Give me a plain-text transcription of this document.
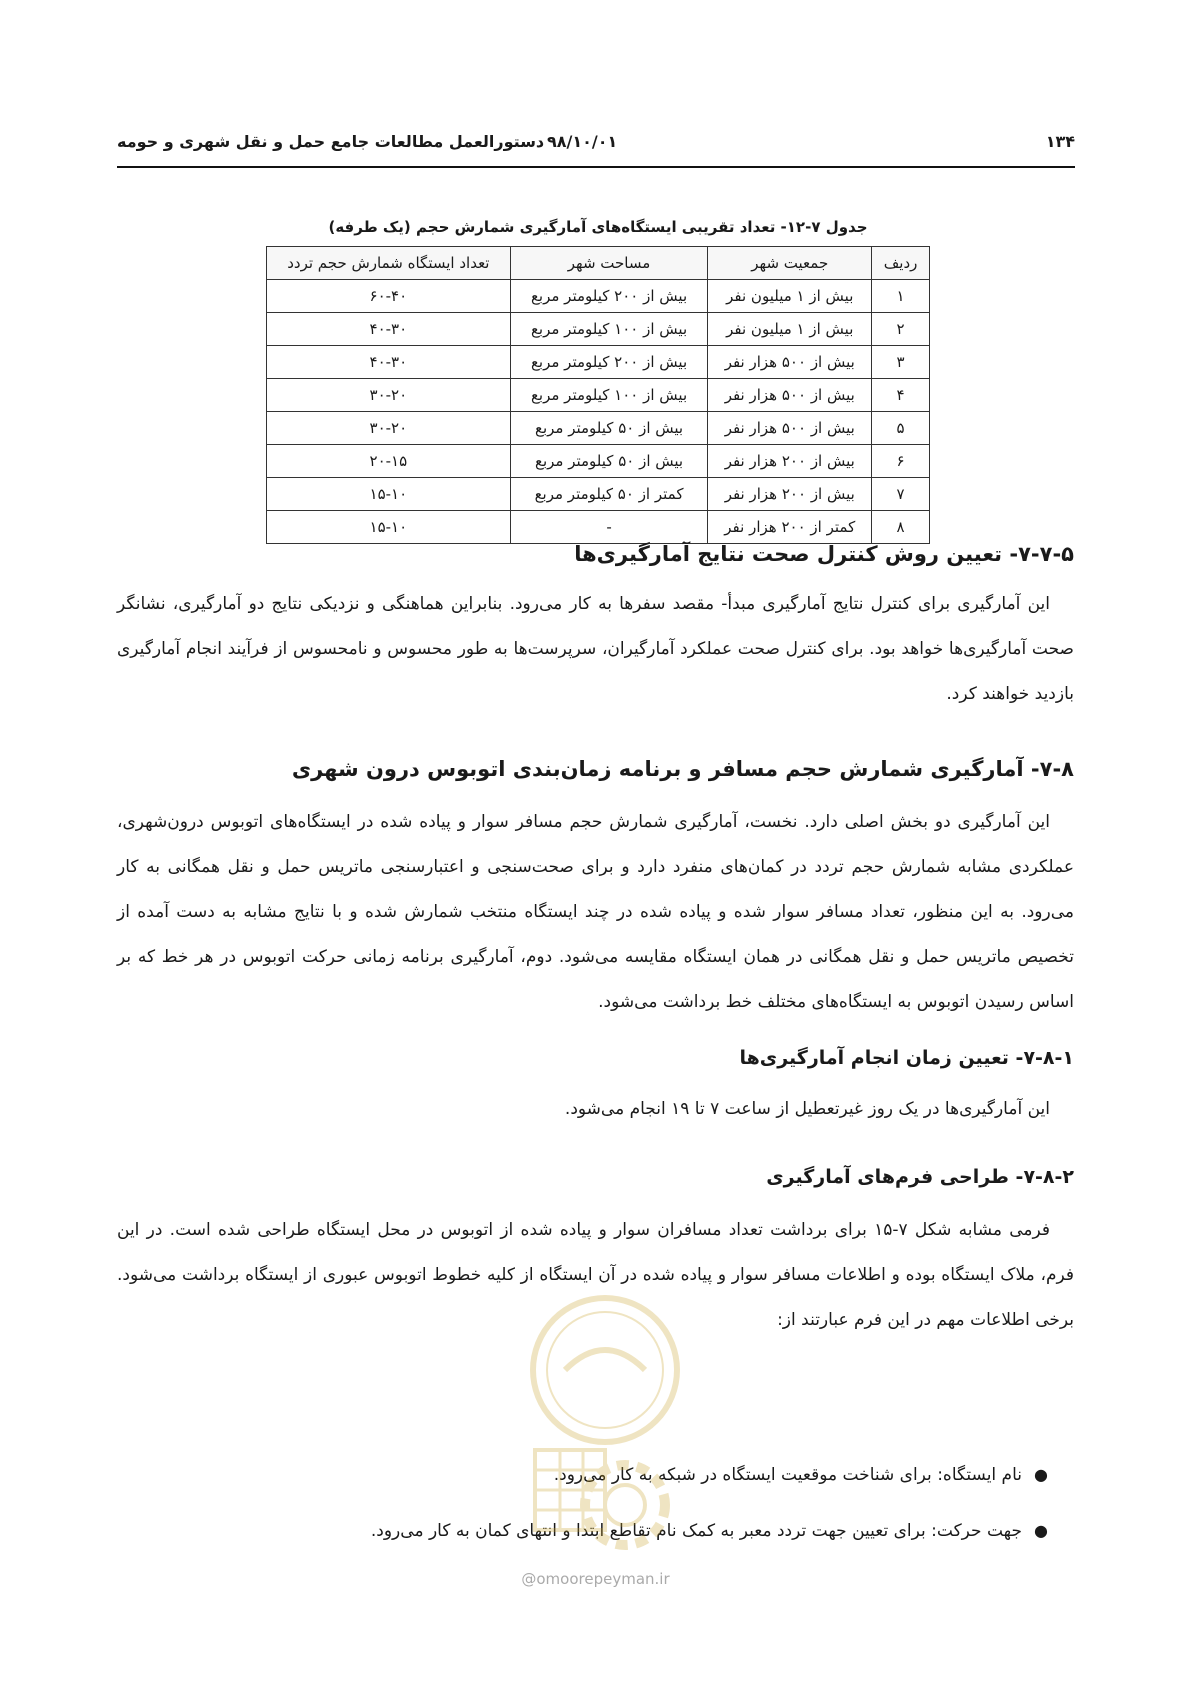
۱۳۴
۹۸/۱۰/۰۱
دستورالعمل مطالعات جامع حمل و نقل شهری و حومه
جدول ۷-۱۲- تعداد تقریبی ایستگاه‌های آمارگیری شمارش حجم (یک طرفه)
ردیف	جمعیت شهر	مساحت شهر	تعداد ایستگاه شمارش حجم تردد
۱	بیش از ۱ میلیون نفر	بیش از ۲۰۰ کیلومتر مربع	۶۰-۴۰
۲	بیش از ۱ میلیون نفر	بیش از ۱۰۰ کیلومتر مربع	۴۰-۳۰
۳	بیش از ۵۰۰ هزار نفر	بیش از ۲۰۰ کیلومتر مربع	۴۰-۳۰
۴	بیش از ۵۰۰ هزار نفر	بیش از ۱۰۰ کیلومتر مربع	۳۰-۲۰
۵	بیش از ۵۰۰ هزار نفر	بیش از ۵۰ کیلومتر مربع	۳۰-۲۰
۶	بیش از ۲۰۰ هزار نفر	بیش از ۵۰ کیلومتر مربع	۲۰-۱۵
۷	بیش از ۲۰۰ هزار نفر	کمتر از ۵۰ کیلومتر مربع	۱۵-۱۰
۸	کمتر از ۲۰۰ هزار نفر	-	۱۵-۱۰
۷-۷-۵- تعیین روش کنترل صحت نتایج آمارگیری‌ها
این آمارگیری برای کنترل نتایج آمارگیری مبدأ- مقصد سفرها به کار می‌رود. بنابراین هماهنگی و نزدیکی نتایج دو آمارگیری، نشانگر صحت آمارگیری‌ها خواهد بود. برای کنترل صحت عملکرد آمارگیران، سرپرست‌ها به طور محسوس و نامحسوس از فرآیند انجام آمارگیری بازدید خواهند کرد.
۷-۸- آمارگیری شمارش حجم مسافر و برنامه زمان‌بندی اتوبوس درون شهری
این آمارگیری دو بخش اصلی دارد. نخست، آمارگیری شمارش حجم مسافر سوار و پیاده شده در ایستگاه‌های اتوبوس درون‌شهری، عملکردی مشابه شمارش حجم تردد در کمان‌های منفرد دارد و برای صحت‌سنجی و اعتبارسنجی ماتریس حمل و نقل همگانی به کار می‌رود. به این منظور، تعداد مسافر سوار شده و پیاده شده در چند ایستگاه منتخب شمارش شده و با نتایج مشابه به دست آمده از تخصیص ماتریس حمل و نقل همگانی در همان ایستگاه مقایسه می‌شود. دوم، آمارگیری برنامه زمانی حرکت اتوبوس در هر خط که بر اساس رسیدن اتوبوس به ایستگاه‌های مختلف خط برداشت می‌شود.
۷-۸-۱- تعیین زمان انجام آمارگیری‌ها
این آمارگیری‌ها در یک روز غیرتعطیل از ساعت ۷ تا ۱۹ انجام می‌شود.
۷-۸-۲- طراحی فرم‌های آمارگیری
فرمی مشابه شکل ۷-۱۵ برای برداشت تعداد مسافران سوار و پیاده شده از اتوبوس در محل ایستگاه طراحی شده است. در این فرم، ملاک ایستگاه بوده و اطلاعات مسافر سوار و پیاده شده در آن ایستگاه از کلیه خطوط اتوبوس عبوری از ایستگاه برداشت می‌شود. برخی اطلاعات مهم در این فرم عبارتند از:
●
نام ایستگاه: برای شناخت موقعیت ایستگاه در شبکه به کار می‌رود.
●
جهت حرکت: برای تعیین جهت تردد معبر به کمک نام تقاطع ابتدا و انتهای کمان به کار می‌رود.
@omoorepeyman.ir
